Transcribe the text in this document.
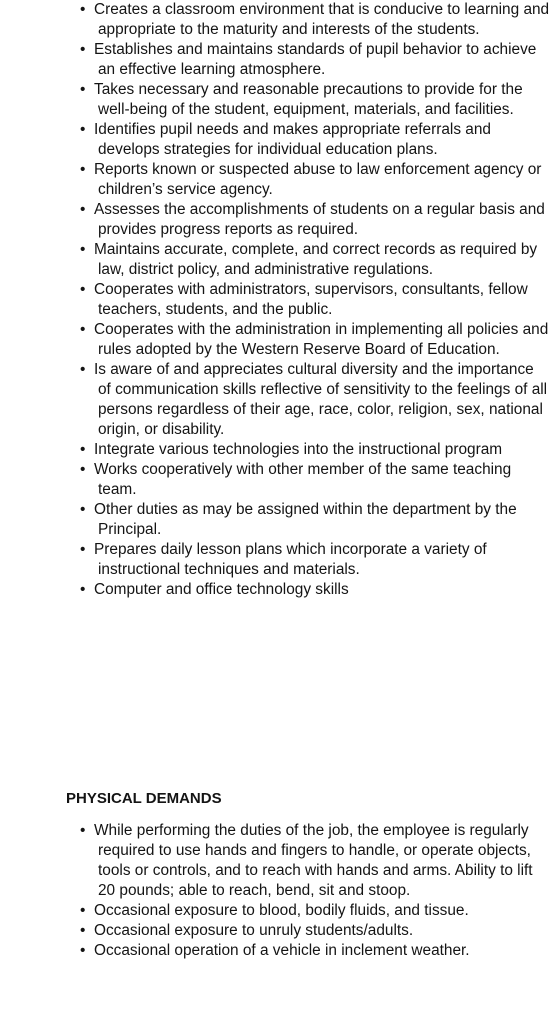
• Creates a classroom environment that is conducive to learning and appropriate to the maturity and interests of the students.
• Establishes and maintains standards of pupil behavior to achieve an effective learning atmosphere.
• Takes necessary and reasonable precautions to provide for the well-being of the student, equipment, materials, and facilities.
• Identifies pupil needs and makes appropriate referrals and develops strategies for individual education plans.
• Reports known or suspected abuse to law enforcement agency or children’s service agency.
• Assesses the accomplishments of students on a regular basis and provides progress reports as required.
• Maintains accurate, complete, and correct records as required by law, district policy, and administrative regulations.
• Cooperates with administrators, supervisors, consultants, fellow teachers, students, and the public.
• Cooperates with the administration in implementing all policies and rules adopted by the Western Reserve Board of Education.
• Is aware of and appreciates cultural diversity and the importance of communication skills reflective of sensitivity to the feelings of all persons regardless of their age, race, color, religion, sex, national origin, or disability.
• Integrate various technologies into the instructional program
• Works cooperatively with other member of the same teaching team.
• Other duties as may be assigned within the department by the Principal.
• Prepares daily lesson plans which incorporate a variety of instructional techniques and materials.
• Computer and office technology skills
PHYSICAL DEMANDS
• While performing the duties of the job, the employee is regularly required to use hands and fingers to handle, or operate objects, tools or controls, and to reach with hands and arms. Ability to lift 20 pounds; able to reach, bend, sit and stoop.
• Occasional exposure to blood, bodily fluids, and tissue.
• Occasional exposure to unruly students/adults.
• Occasional operation of a vehicle in inclement weather.
